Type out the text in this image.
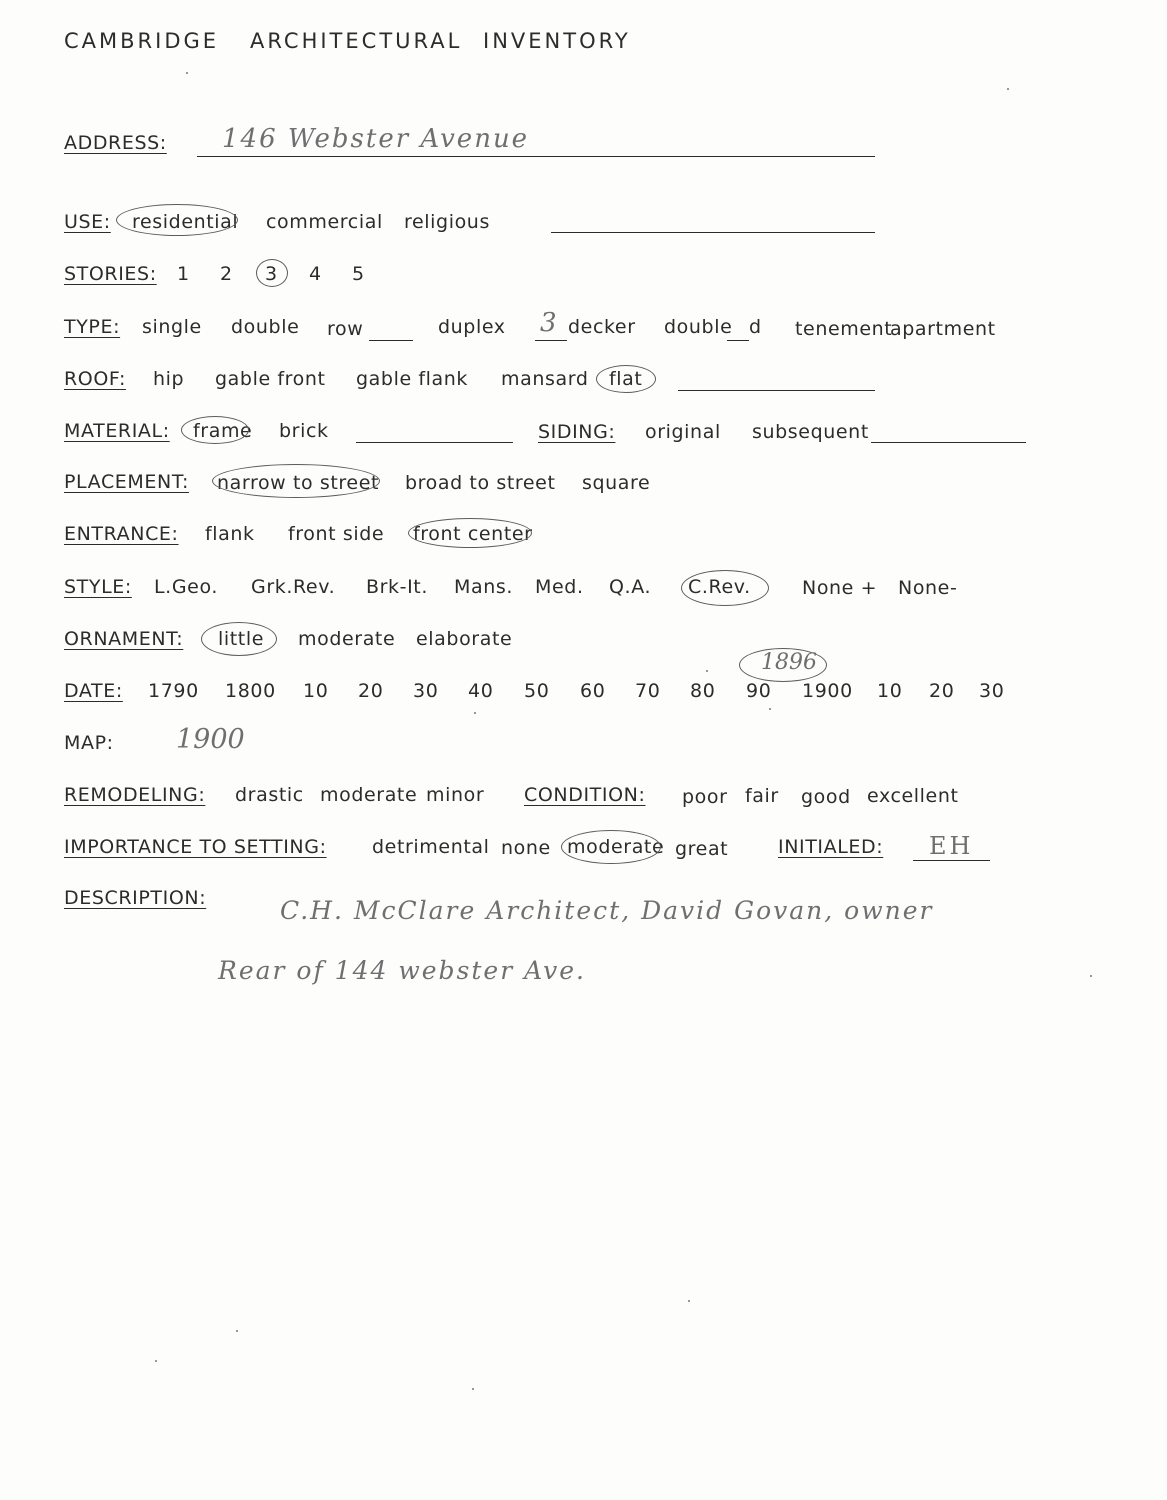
CAMBRIDGE ARCHITECTURAL INVENTORY
ADDRESS: 146 Webster Avenue
USE: residential commercial religious
STORIES: 1 2 3 4 5
TYPE: single double row	duplex 3 decker double d tenement
apartment
ROOF: hip gable front gable flank mansard flat
MATERIAL: frame brick	SIDING: original subsequent
PLACEMENT: narrow to street broad to street square
ENTRANCE: flank front side front center
STYLE: L.Geo. Grk.Rev. Brk-It. Mans. Med. Q.A. C.Rev.	None + None-
ORNAMENT: little moderate elaborate
DATE: 1790 1800 10 20 30 40 50 60 70 80 90 1900 10 20 30
1896
MAP: 1900
REMODELING: drastic moderate minor CONDITION: poor fair good excellent
IMPORTANCE TO SETTING: detrimental none moderate great	INITIALED: EH
DESCRIPTION:	C.H. McClare Architect, David Govan, owner
Rear of 144 webster Ave.
